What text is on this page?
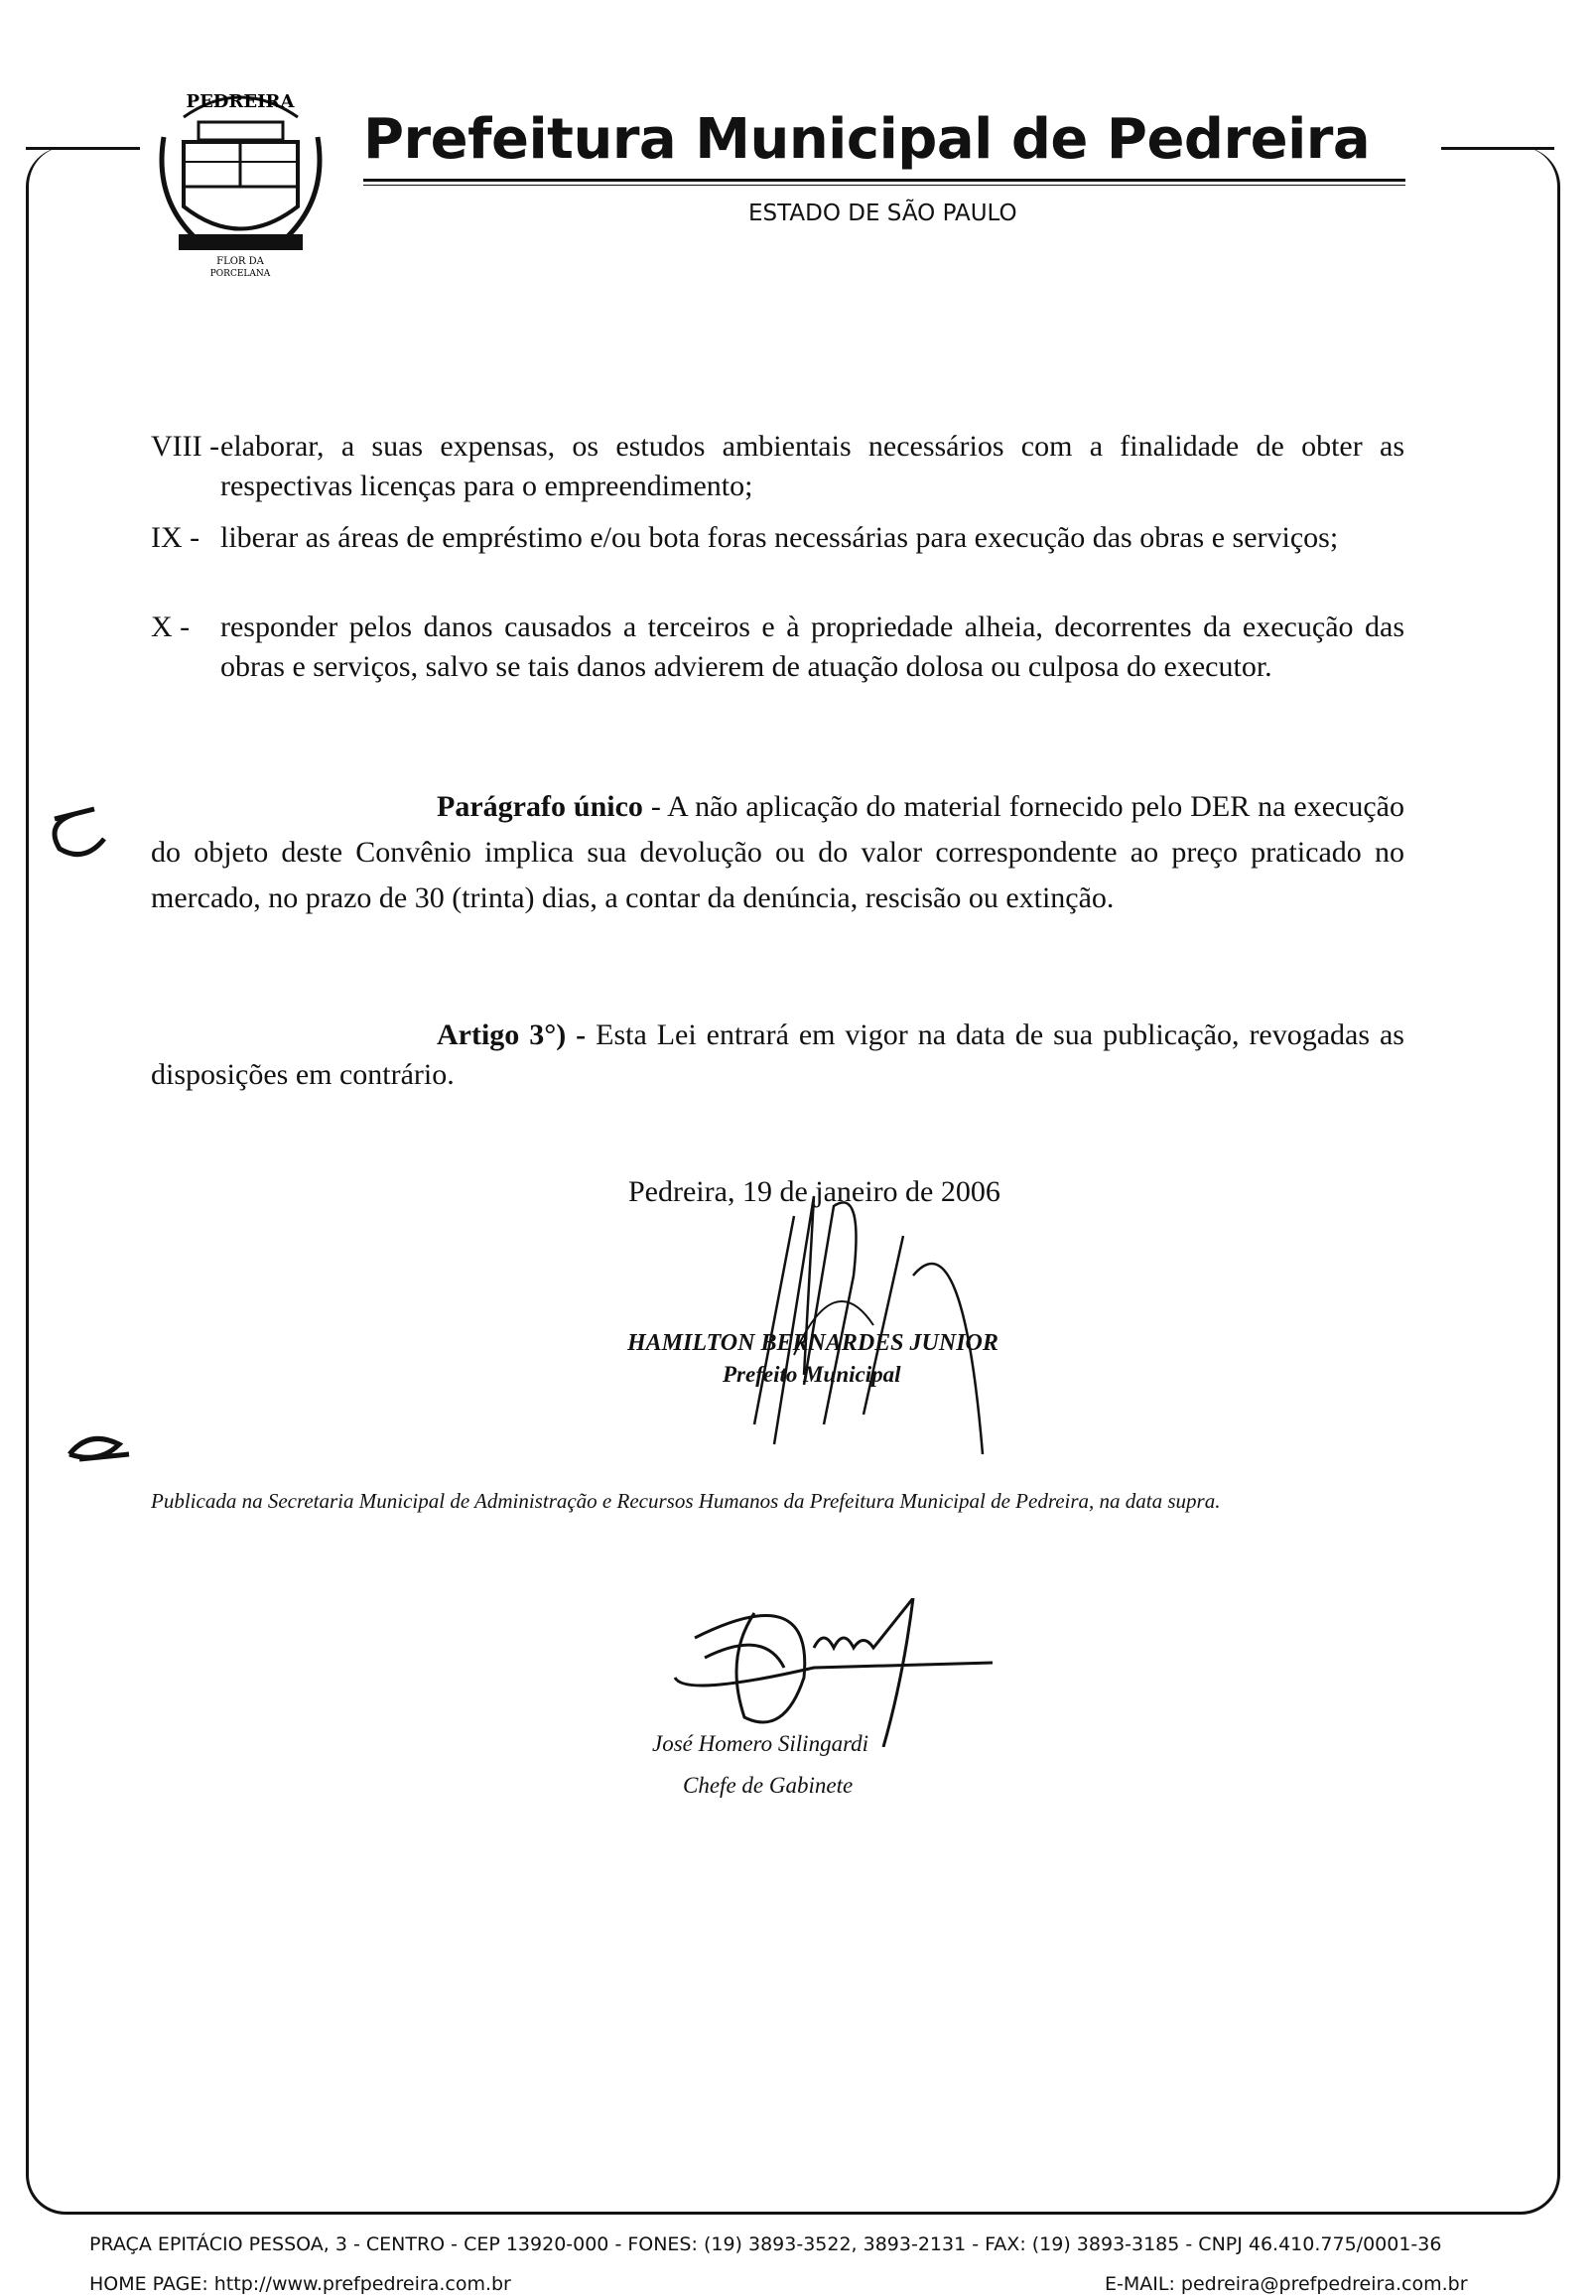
PEDREIRA
FLOR DA
PORCELANA
Prefeitura Municipal de Pedreira
ESTADO DE SÃO PAULO
VIII - elaborar, a suas expensas, os estudos ambientais necessários com a finalidade de obter as respectivas licenças para o empreendimento;
IX - liberar as áreas de empréstimo e/ou bota foras necessárias para execução das obras e serviços;
X - responder pelos danos causados a terceiros e à propriedade alheia, decorrentes da execução das obras e serviços, salvo se tais danos advierem de atuação dolosa ou culposa do executor.
Parágrafo único - A não aplicação do material fornecido pelo DER na execução do objeto deste Convênio implica sua devolução ou do valor correspondente ao preço praticado no mercado, no prazo de 30 (trinta) dias, a contar da denúncia, rescisão ou extinção.
Artigo 3°) - Esta Lei entrará em vigor na data de sua publicação, revogadas as disposições em contrário.
Pedreira, 19 de janeiro de 2006
HAMILTON BERNARDES JUNIOR
Prefeito Municipal
Publicada na Secretaria Municipal de Administração e Recursos Humanos da Prefeitura Municipal de Pedreira, na data supra.
José Homero Silingardi
Chefe de Gabinete
PRAÇA EPITÁCIO PESSOA, 3 - CENTRO - CEP 13920-000 - FONES: (19) 3893-3522, 3893-2131 - FAX: (19) 3893-3185 - CNPJ 46.410.775/0001-36
HOME PAGE: http://www.prefpedreira.com.br	E-MAIL: pedreira@prefpedreira.com.br
